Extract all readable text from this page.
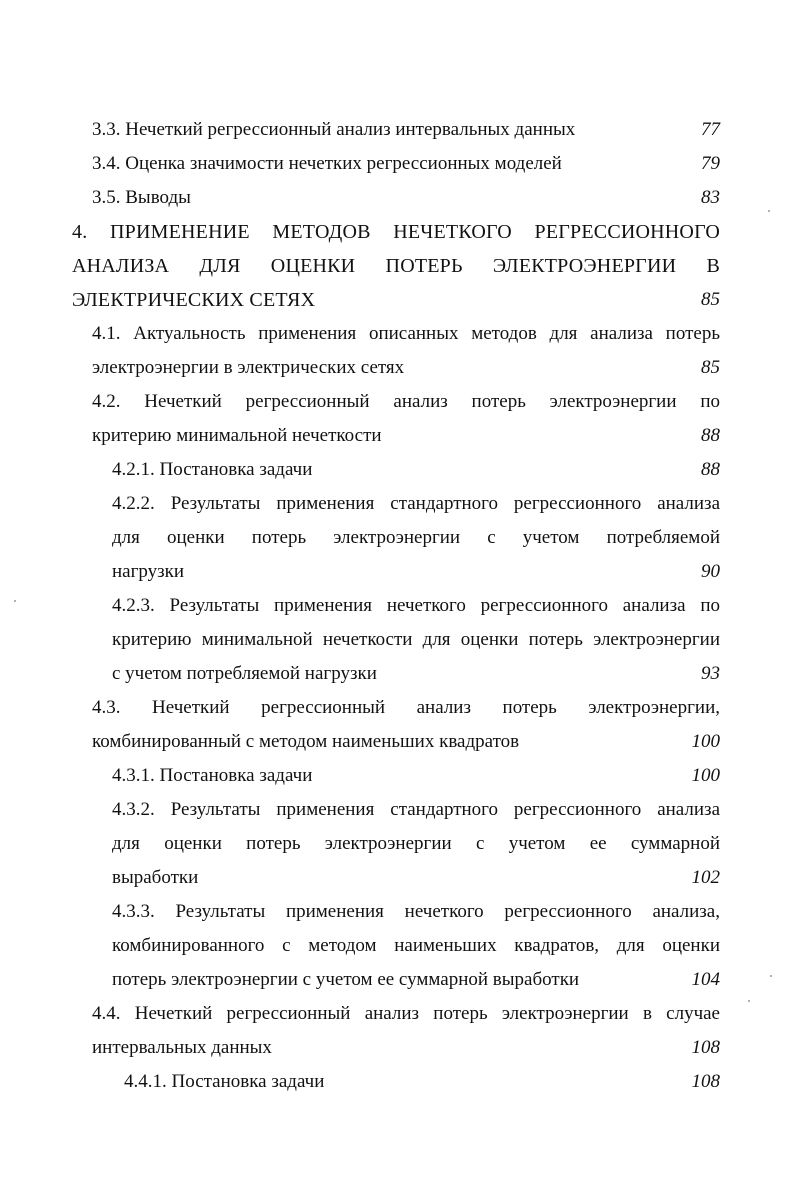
3.3. Нечеткий регрессионный анализ интервальных данных	77
3.4. Оценка значимости нечетких регрессионных моделей	79
3.5. Выводы	83
4. ПРИМЕНЕНИЕ МЕТОДОВ НЕЧЕТКОГО РЕГРЕССИОННОГО
АНАЛИЗА ДЛЯ ОЦЕНКИ ПОТЕРЬ ЭЛЕКТРОЭНЕРГИИ В
ЭЛЕКТРИЧЕСКИХ СЕТЯХ	85
4.1. Актуальность применения описанных методов для анализа потерь
электроэнергии в электрических сетях	85
4.2. Нечеткий регрессионный анализ потерь электроэнергии по
критерию минимальной нечеткости	88
4.2.1. Постановка задачи	88
4.2.2. Результаты применения стандартного регрессионного анализа
для оценки потерь электроэнергии с учетом потребляемой
нагрузки	90
4.2.3. Результаты применения нечеткого регрессионного анализа по
критерию минимальной нечеткости для оценки потерь электроэнергии
с учетом потребляемой нагрузки	93
4.3. Нечеткий регрессионный анализ потерь электроэнергии,
комбинированный с методом наименьших квадратов	100
4.3.1. Постановка задачи	100
4.3.2. Результаты применения стандартного регрессионного анализа
для оценки потерь электроэнергии с учетом ее суммарной
выработки	102
4.3.3. Результаты применения нечеткого регрессионного анализа,
комбинированного с методом наименьших квадратов, для оценки
потерь электроэнергии с учетом ее суммарной выработки	104
4.4. Нечеткий регрессионный анализ потерь электроэнергии в случае
интервальных данных	108
4.4.1. Постановка задачи	108
